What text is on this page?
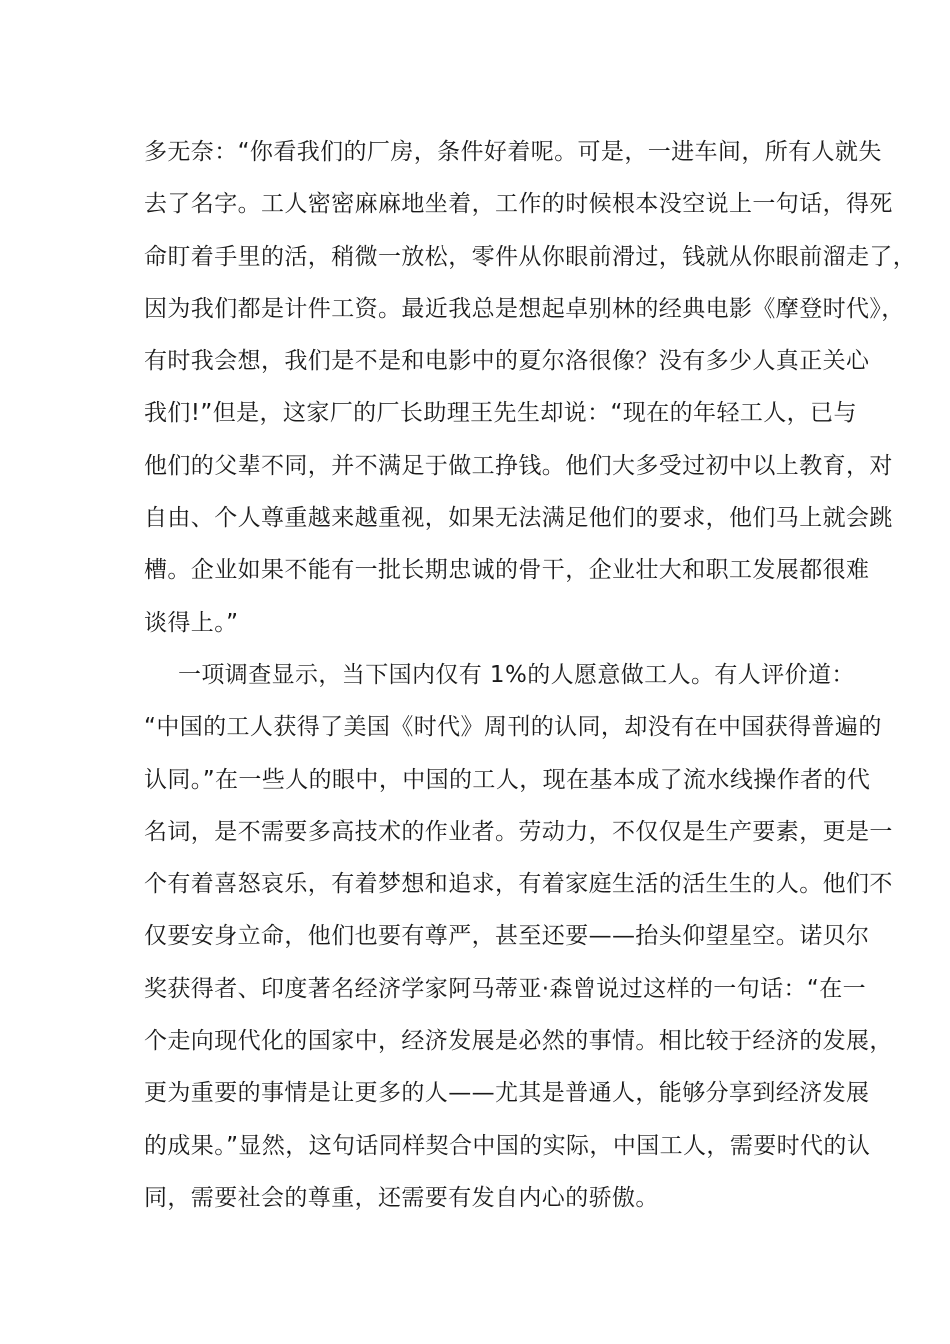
多无奈：“你看我们的厂房，条件好着呢。可是，一进车间，所有人就失
去了名字。工人密密麻麻地坐着，工作的时候根本没空说上一句话，得死
命盯着手里的活，稍微一放松，零件从你眼前滑过，钱就从你眼前溜走了，
因为我们都是计件工资。最近我总是想起卓别林的经典电影《摩登时代》，
有时我会想，我们是不是和电影中的夏尔洛很像？没有多少人真正关心
我们!”但是，这家厂的厂长助理王先生却说：“现在的年轻工人，已与
他们的父辈不同，并不满足于做工挣钱。他们大多受过初中以上教育，对
自由、个人尊重越来越重视，如果无法满足他们的要求，他们马上就会跳
槽。企业如果不能有一批长期忠诚的骨干，企业壮大和职工发展都很难
谈得上。”
一项调查显示，当下国内仅有 1%的人愿意做工人。有人评价道：
“中国的工人获得了美国《时代》周刊的认同，却没有在中国获得普遍的
认同。”在一些人的眼中，中国的工人，现在基本成了流水线操作者的代
名词，是不需要多高技术的作业者。劳动力，不仅仅是生产要素，更是一
个有着喜怒哀乐，有着梦想和追求，有着家庭生活的活生生的人。他们不
仅要安身立命，他们也要有尊严，甚至还要——抬头仰望星空。诺贝尔
奖获得者、印度著名经济学家阿马蒂亚·森曾说过这样的一句话：“在一
个走向现代化的国家中，经济发展是必然的事情。相比较于经济的发展，
更为重要的事情是让更多的人——尤其是普通人，能够分享到经济发展
的成果。”显然，这句话同样契合中国的实际，中国工人，需要时代的认
同，需要社会的尊重，还需要有发自内心的骄傲。
